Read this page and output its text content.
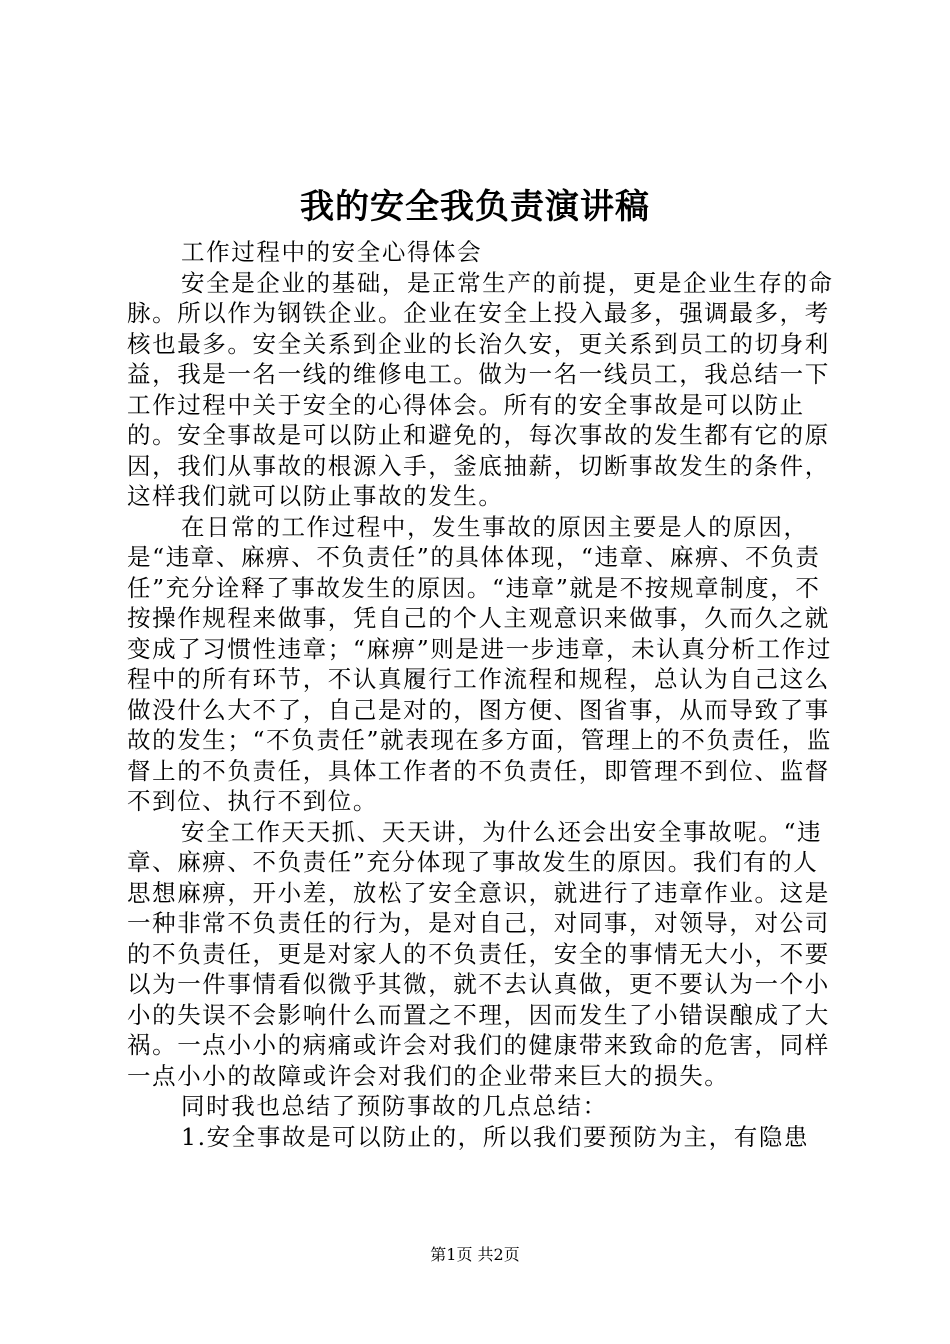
我的安全我负责演讲稿

工作过程中的安全心得体会

安全是企业的基础，是正常生产的前提，更是企业生存的命脉。所以作为钢铁企业。企业在安全上投入最多，强调最多，考核也最多。安全关系到企业的长治久安，更关系到员工的切身利益，我是一名一线的维修电工。做为一名一线员工，我总结一下工作过程中关于安全的心得体会。所有的安全事故是可以防止的。安全事故是可以防止和避免的，每次事故的发生都有它的原因，我们从事故的根源入手，釜底抽薪，切断事故发生的条件，这样我们就可以防止事故的发生。

在日常的工作过程中，发生事故的原因主要是人的原因，是“违章、麻痹、不负责任”的具体体现，“违章、麻痹、不负责任”充分诠释了事故发生的原因。“违章”就是不按规章制度，不按操作规程来做事，凭自己的个人主观意识来做事，久而久之就变成了习惯性违章；“麻痹”则是进一步违章，未认真分析工作过程中的所有环节，不认真履行工作流程和规程，总认为自己这么做没什么大不了，自己是对的，图方便、图省事，从而导致了事故的发生；“不负责任”就表现在多方面，管理上的不负责任，监督上的不负责任，具体工作者的不负责任，即管理不到位、监督不到位、执行不到位。

安全工作天天抓、天天讲，为什么还会出安全事故呢。“违章、麻痹、不负责任”充分体现了事故发生的原因。我们有的人思想麻痹，开小差，放松了安全意识，就进行了违章作业。这是一种非常不负责任的行为，是对自己，对同事，对领导，对公司的不负责任，更是对家人的不负责任，安全的事情无大小，不要以为一件事情看似微乎其微，就不去认真做，更不要认为一个小小的失误不会影响什么而置之不理，因而发生了小错误酿成了大祸。一点小小的病痛或许会对我们的健康带来致命的危害，同样一点小小的故障或许会对我们的企业带来巨大的损失。

同时我也总结了预防事故的几点总结：

1.安全事故是可以防止的，所以我们要预防为主，有隐患

第1页 共2页
